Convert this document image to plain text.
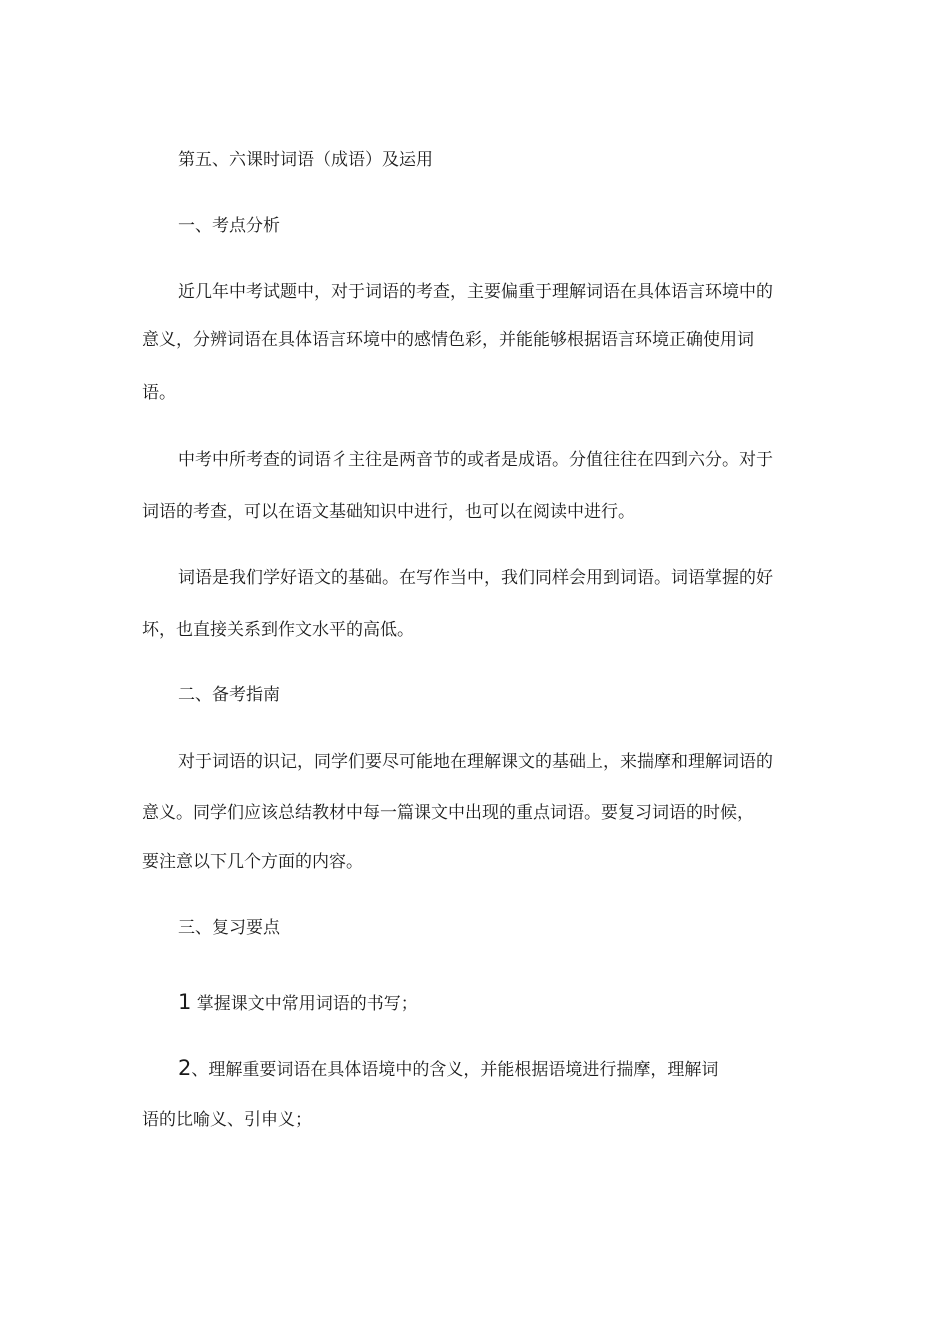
第五、六课时词语（成语）及运用
一、考点分析
近几年中考试题中，对于词语的考查，主要偏重于理解词语在具体语言环境中的
意义，分辨词语在具体语言环境中的感情色彩，并能能够根据语言环境正确使用词
语。
中考中所考查的词语彳主往是两音节的或者是成语。分值往往在四到六分。对于
词语的考查，可以在语文基础知识中进行，也可以在阅读中进行。
词语是我们学好语文的基础。在写作当中，我们同样会用到词语。词语掌握的好
坏，也直接关系到作文水平的高低。
二、备考指南
对于词语的识记，同学们要尽可能地在理解课文的基础上，来揣摩和理解词语的
意义。同学们应该总结教材中每一篇课文中出现的重点词语。要复习词语的时候，
要注意以下几个方面的内容。
三、复习要点
1 掌握课文中常用词语的书写；
2、理解重要词语在具体语境中的含义，并能根据语境进行揣摩，理解词
语的比喻义、引申义；
